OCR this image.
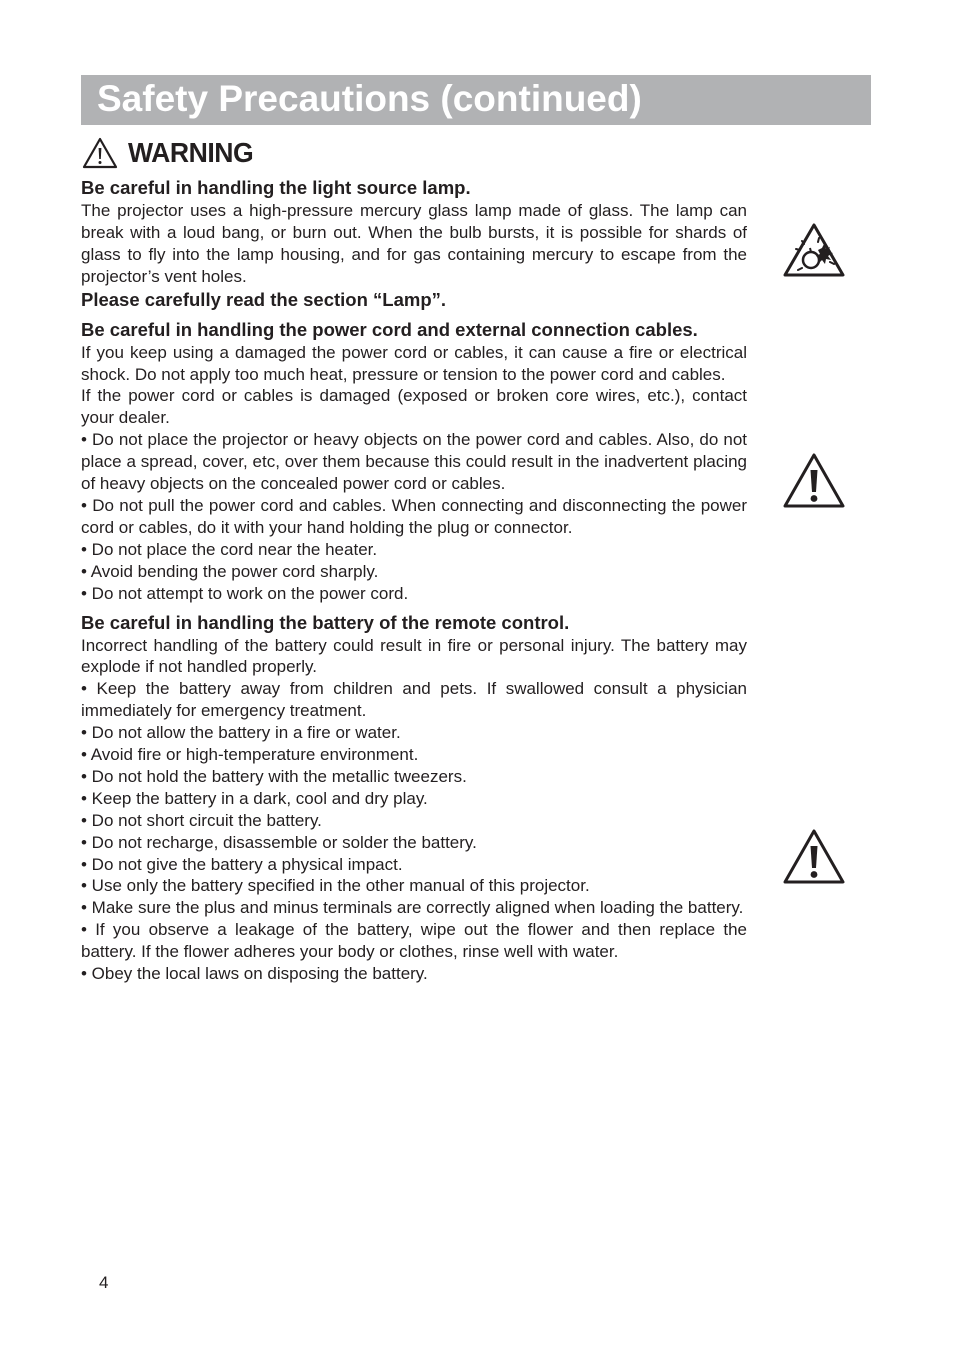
Safety Precautions (continued)
WARNING

Be careful in handling the light source lamp.

The projector uses a high-pressure mercury glass lamp made of glass. The lamp can break with a loud bang, or burn out. When the bulb bursts, it is possible for shards of glass to fly into the lamp housing, and for gas containing mercury to escape from the projector’s vent holes.

Please carefully read the section “Lamp”.

Be careful in handling the power cord and external connection cables.

If you keep using a damaged the power cord or cables, it can cause a fire or electrical shock. Do not apply too much heat, pressure or tension to the power cord and cables.

If the power cord or cables is damaged (exposed or broken core wires, etc.), contact your dealer.

• Do not place the projector or heavy objects on the power cord and cables. Also, do not place a spread, cover, etc, over them because this could result in the inadvertent placing of heavy objects on the concealed power cord or cables.

• Do not pull the power cord and cables. When connecting and disconnecting the power cord or cables, do it with your hand holding the plug or connector.

• Do not place the cord near the heater.

• Avoid bending the power cord sharply.

• Do not attempt to work on the power cord.

Be careful in handling the battery of the remote control.

Incorrect handling of the battery could result in fire or personal injury. The battery may explode if not handled properly.

• Keep the battery away from children and pets. If swallowed consult a physician immediately for emergency treatment.

• Do not allow the battery in a fire or water.

• Avoid fire or high-temperature environment.

• Do not hold the battery with the metallic tweezers.

• Keep the battery in a dark, cool and dry play.

• Do not short circuit the battery.

• Do not recharge, disassemble or solder the battery.

• Do not give the battery a physical impact.

• Use only the battery specified in the other manual of this projector.

• Make sure the plus and minus terminals are correctly aligned when loading the battery.

• If you observe a leakage of the battery, wipe out the flower and then replace the battery. If the flower adheres your body or clothes, rinse well with water.

• Obey the local laws on disposing the battery.

4
